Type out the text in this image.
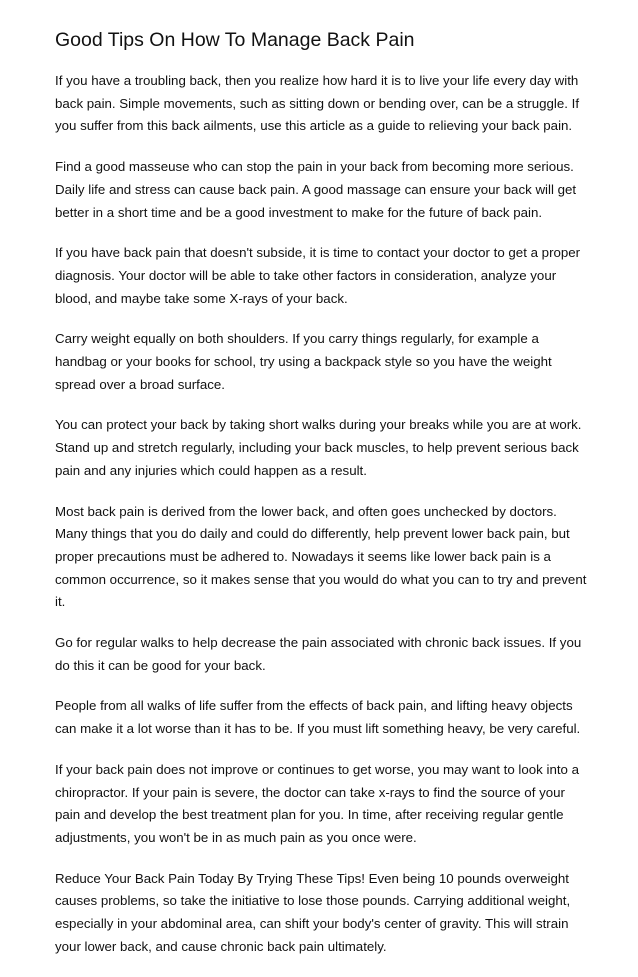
Good Tips On How To Manage Back Pain

If you have a troubling back, then you realize how hard it is to live your life every day with back pain. Simple movements, such as sitting down or bending over, can be a struggle. If you suffer from this back ailments, use this article as a guide to relieving your back pain.

Find a good masseuse who can stop the pain in your back from becoming more serious. Daily life and stress can cause back pain. A good massage can ensure your back will get better in a short time and be a good investment to make for the future of back pain.

If you have back pain that doesn't subside, it is time to contact your doctor to get a proper diagnosis. Your doctor will be able to take other factors in consideration, analyze your blood, and maybe take some X-rays of your back.

Carry weight equally on both shoulders. If you carry things regularly, for example a handbag or your books for school, try using a backpack style so you have the weight spread over a broad surface.

You can protect your back by taking short walks during your breaks while you are at work. Stand up and stretch regularly, including your back muscles, to help prevent serious back pain and any injuries which could happen as a result.

Most back pain is derived from the lower back, and often goes unchecked by doctors. Many things that you do daily and could do differently, help prevent lower back pain, but proper precautions must be adhered to. Nowadays it seems like lower back pain is a common occurrence, so it makes sense that you would do what you can to try and prevent it.

Go for regular walks to help decrease the pain associated with chronic back issues. If you do this it can be good for your back.

People from all walks of life suffer from the effects of back pain, and lifting heavy objects can make it a lot worse than it has to be. If you must lift something heavy, be very careful.

If your back pain does not improve or continues to get worse, you may want to look into a chiropractor. If your pain is severe, the doctor can take x-rays to find the source of your pain and develop the best treatment plan for you. In time, after receiving regular gentle adjustments, you won't be in as much pain as you once were.

Reduce Your Back Pain Today By Trying These Tips! Even being 10 pounds overweight causes problems, so take the initiative to lose those pounds. Carrying additional weight, especially in your abdominal area, can shift your body's center of gravity. This will strain your lower back, and cause chronic back pain ultimately.
